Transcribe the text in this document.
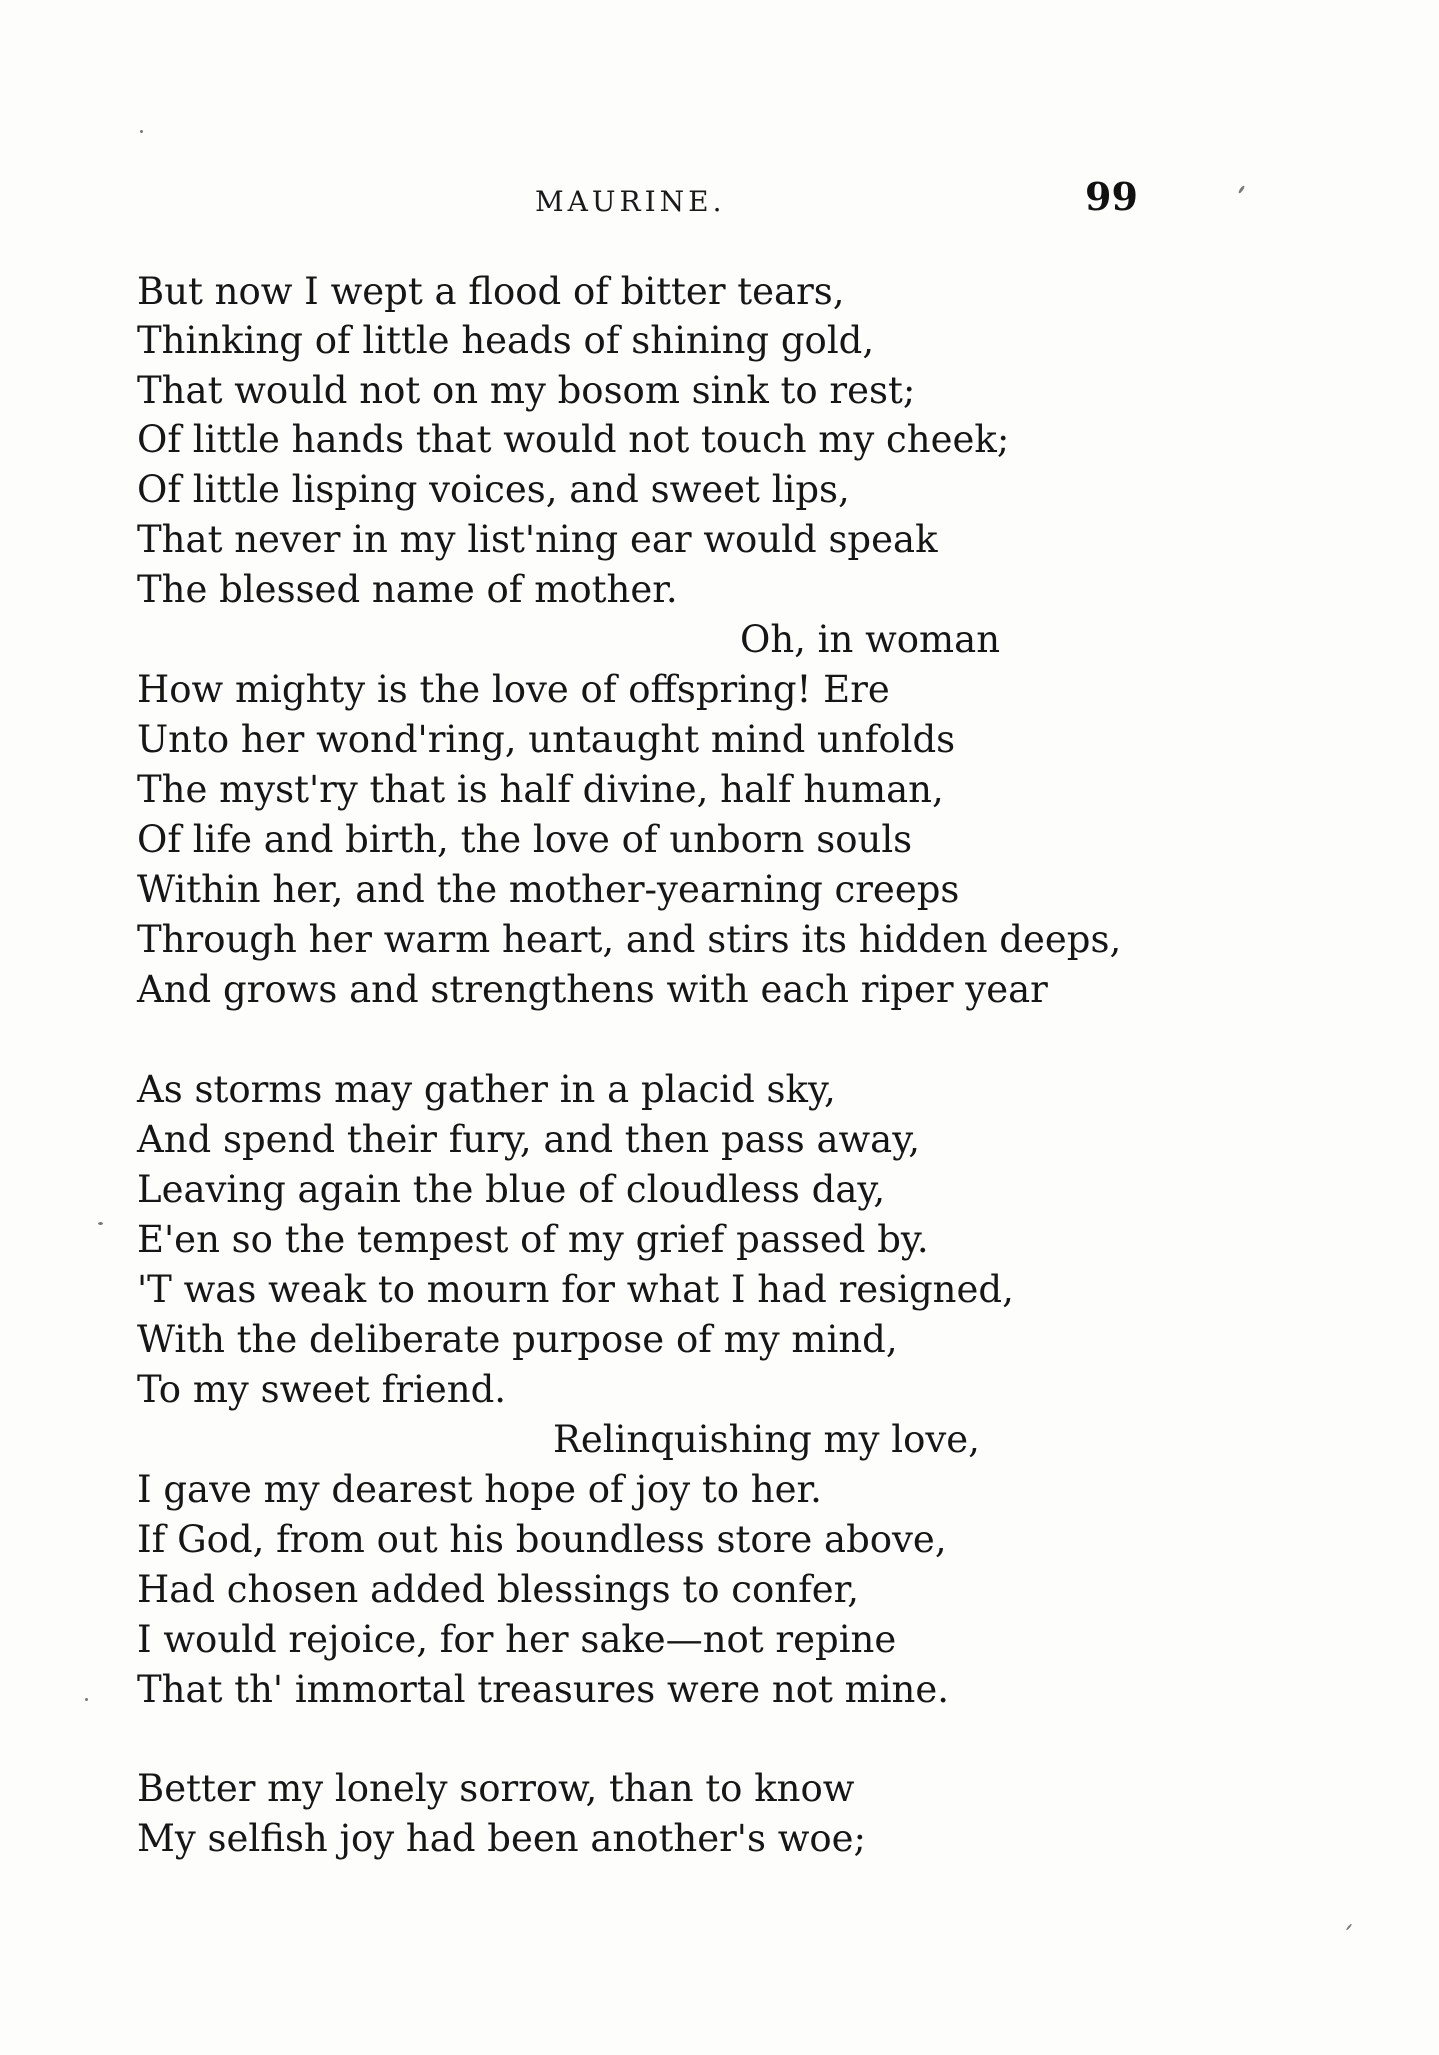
MAURINE.	99
But now I wept a flood of bitter tears,
Thinking of little heads of shining gold,
That would not on my bosom sink to rest;
Of little hands that would not touch my cheek;
Of little lisping voices, and sweet lips,
That never in my list'ning ear would speak
The blessed name of mother.
Oh, in woman
How mighty is the love of offspring! Ere
Unto her wond'ring, untaught mind unfolds
The myst'ry that is half divine, half human,
Of life and birth, the love of unborn souls
Within her, and the mother-yearning creeps
Through her warm heart, and stirs its hidden deeps,
And grows and strengthens with each riper year
As storms may gather in a placid sky,
And spend their fury, and then pass away,
Leaving again the blue of cloudless day,
E'en so the tempest of my grief passed by.
'T was weak to mourn for what I had resigned,
With the deliberate purpose of my mind,
To my sweet friend.
Relinquishing my love,
I gave my dearest hope of joy to her.
If God, from out his boundless store above,
Had chosen added blessings to confer,
I would rejoice, for her sake—not repine
That th' immortal treasures were not mine.
Better my lonely sorrow, than to know
My selfish joy had been another's woe;
